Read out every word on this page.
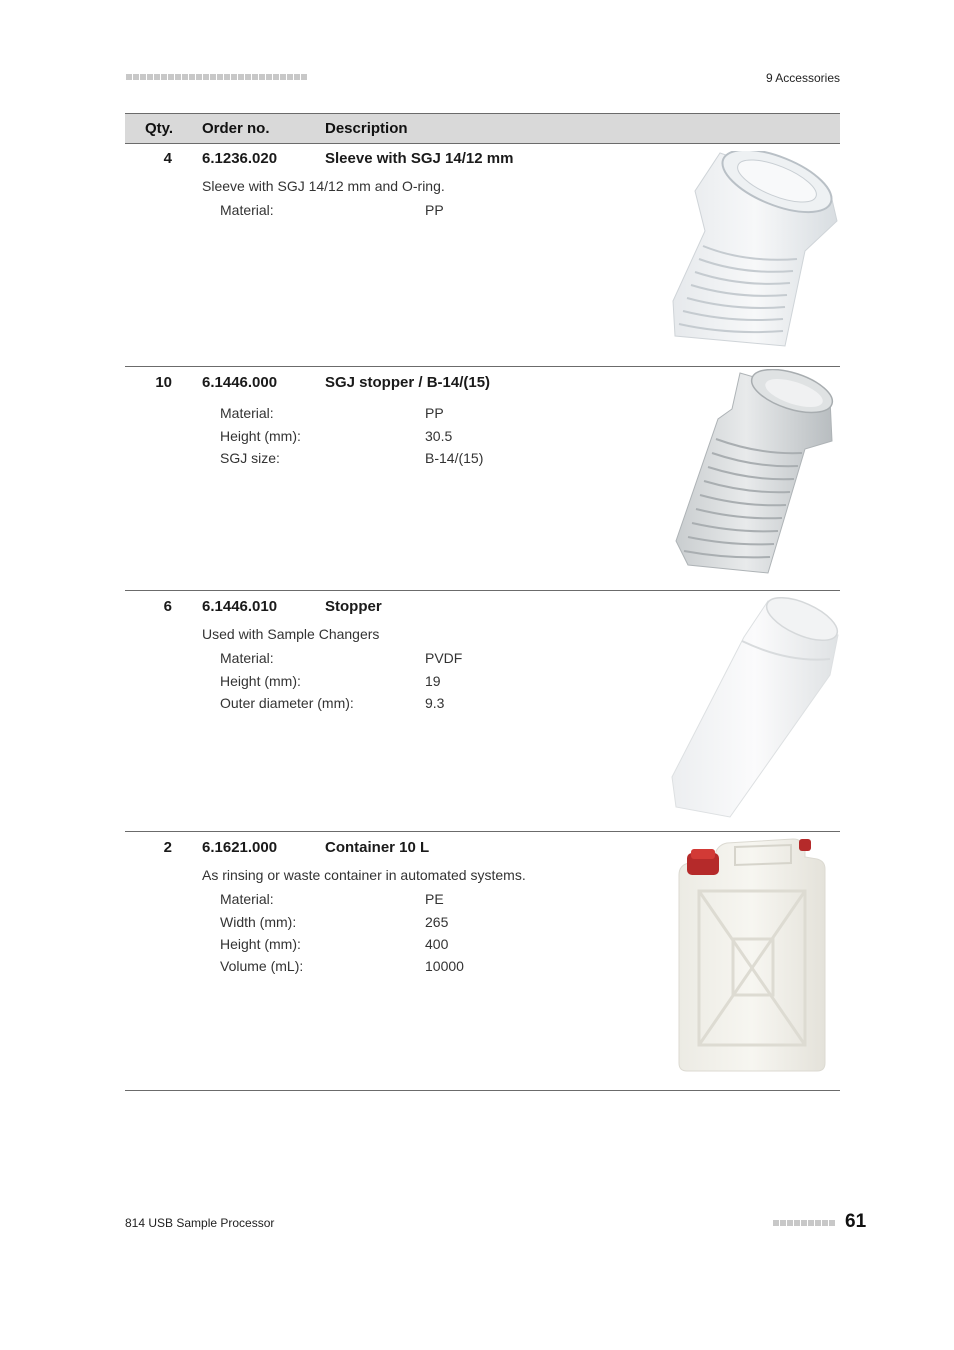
9 Accessories
Qty. Order no.	Description
4 6.1236.020	Sleeve with SGJ 14/12 mm
Sleeve with SGJ 14/12 mm and O-ring.
Material:	PP
10 6.1446.000	SGJ stopper / B-14/(15)
Material:	PP
Height (mm):	30.5
SGJ size:	B-14/(15)
6 6.1446.010	Stopper
Used with Sample Changers
Material:	PVDF
Height (mm):	19
Outer diameter (mm):	9.3
2 6.1621.000	Container 10 L
As rinsing or waste container in automated systems.
Material:	PE
Width (mm):	265
Height (mm):	400
Volume (mL):	10000
814 USB Sample Processor	61
